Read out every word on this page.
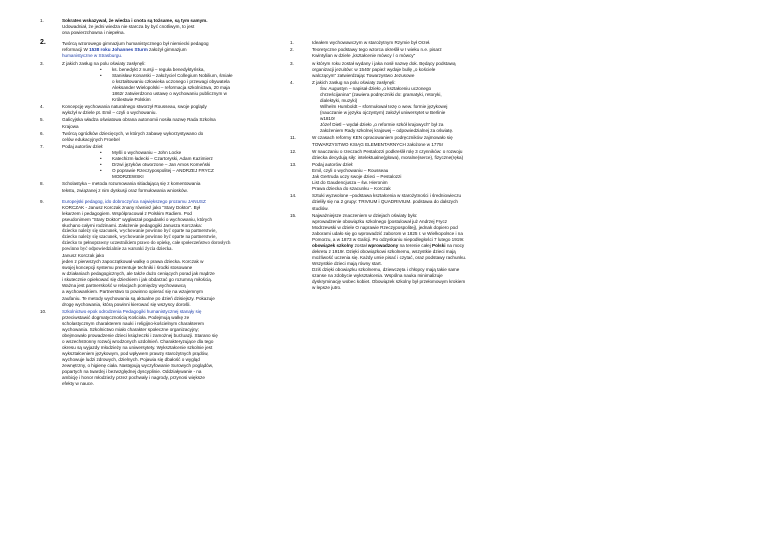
1.	Sokrates wskazywał, że wiedza i cnota są tożsame, są tym samym.

Udowadniał, że jedni wiedza nie starcza by być cnotliwym, to jest

ona powierzchowna i niepełna.

2.	Twórcą wzorowego gimnazjum humanistycznego był niemiecki pedagog

reformacji W 1538 roku Johannes Sturm założył gimnazjum

humanistyczne w Strasburgu.

3.	Z jakich zasług na polu oświaty zasłynęli:

• ks. benedykt z nursji – reguła benedyktyńska,

• Stanisław Konarski – założyciel Collegium Nobilium, śmiałe

o kształtowaniu człowieka uczonego i przewagi obywatela

Aleksander Wielopolski – reformacja szkolnictwa, 20 maja

1862r zatwierdzono ustawę o wychowaniu publicznym w

Królestwie Polskim

4.	Koncepcję wychowania naturalnego stworzył Rousseau, swoje poglądy

wyłożył w dziele pt. Emil – czyli o wychowaniu.

5.	Galicyjska władza oświatowa obrana autonomii nosiła nazwę Rada Szkolna

Krajowa

6.	Twórcą ogródków dziecięcych, w których zabawę wykorzystywano do

celów edukacyjnych Froebel

7.	Podaj autorów dzieł:

• Myśli o wychowaniu – John Locke

• Katechizm ładecki – Czartoryski, Adam Kazimierz

• Drzwi języków otworzone – Jan Amos Komeński

• O poprawie Rzeczypospolitej – ANDRZEJ FRYCZ

MODRZEWSKI

8.	Scholastyka – metoda rozumowania sitiadającą się z komentowania

tekstu, związanej z nim dyskusji oraz formułowania wniosków.

9.	Europejski pedagog, ido dobroczyńca największego prozamu JANUSZ

KORCZAK - Janusz Korczak znany również jako "Stary Doktor". Był

lekarzem i pedagogiem. Współpracował z Polskim Radiem. Pod

pseudonimem "Stary Doktor" wygłaszał pogadanki o wychowaniu, których

słuchano całymi rodzinami. Założenie pedagogiki Janusza Korczaka:

dziecko należy się szacunek, wychowanie powinno być oparte na partnerstwie,

dziecko należy się szacunek, wychowanie powinno być oparte na partnerstwie,

dziecko to pełnoprawny uczestnikiem prawo do opiekę, całe społeczeństwo dorosłych

powinno być odpowiedzialnie za warunki życia dziecka.

Janusz Korczak jako

jeden z pierwszych zapoczątkował walkę o prawa dziecka. Korczak w

swojej koncepcji systemu prezentuje techniki i środki stosowane

w działaniach pedagogicznych, ale także dużo ceniących porad jak mądrze

i skutecznie opiekować się dzieckiem i jak obdarzać go rozumną miłością.

Ważna jest partnerskość w relacjach pomiędzy wychowawcą

a wychowankiem. Partnerstwo to powinno opierać się na wzajemnym

zaufaniu. Te metody wychowania są aktualne po dzień dzisiejszy. Pokazuje

drogę wychowania, którą powinni kierować się wszyscy dorośli.

10.	Szkolnictwo epok odrodzenia Pedagogiki humanistycznej stanąły się

przeciwstawić dogmatycznością Kościoła. Podejmują walkę ze

scholastycznym charakterem nauki i religijno-kościelnym charakterem

wychowania. Szkolnictwo miało charakter społeczne organizacyjny;

obejmowało prowadzenie dzieci książeczki i zamożnej burżuazji. Starano się

o wszechstronny rozwój wrodzonych uzdolnień. Charakteryzujące dla tego

okresu są wyjazdy młodzieży na uniwersytety. Wykształcenie szkolnie jest

wykształceniem językowym, pod wpływem prawzy starożytnych prądów,

wychowuje ludzi zdrowych, dzielnych. Pojawia się dbałość o wygląd

zewnętrzny, o higienę ciała. Następują wyczyfowanie Surowych poglądów,

popartych na twardej i bezwzględnej dyscyplinie. Oddziaływanie - na

ambicję i honor młodzieży przez pochwały i nagrody, przynosi większe

efekty w nauce.

1.	Ideałem wychowawczym w starożytnym Rzymie był Orzeł.

2.	Teoretyczne podstawy tego wzorca określił w I wieku n.e. pisarz

Kwintylian w dziele „kształcenie mówcy / o mówcy"

3.	w którym roku został wydany i jaka nosił nazwę dok. Będący podstawą

organizacji jezuitów: w 1540r papież wydaje bullę „o kościele

walczącym" zatwierdzając Towarzystwo Jezusowe

4.	Z jakich zasług na polu oświaty zasłynęli:

Św. Augustyn – napisał dzieło „o kształceniu uczonego

chrześcijanina" (zawiera podręczniki do: gramatyki, retoryki,

dialektyki, muzyki)

Wilhelm Humboldt – sformułował tezę o wew. formie językowej

(nauczanie w języku ojczystym) założył uniwersytet w Berlinie

w1810r

Józef Dietl – wydał dzieło „o reformie szkół krajowych" był za

założeniem Rady szkolnej krajowej – odpowiedzialnej za oświatę.

11.	W czasach reformy KEN opracowaniem podręczników zajmowało się

TOWARZYSTWO KSIĄG ELEMENTARNYCH założone w 1775r

12.	W nauczaniu o rzeczach Pestalozzi podkreślił rolę 3 czynników: o rozwoju

dziecka decydują siły: intelektualne(głowa), moralne(serce), fizyczne(ręka)

13.	Podaj autorów dzieł:

Emil, czyli o wychowaniu – Rousseau

Jak Gertruda uczy swoje dzieci – Pestalozzi

List do Gaudencjusza – św. Hieronim

Prawa dziecka do szacunku – Korczak

14.	Sztuki wyzwolone –podstawa kształcenia w starożytności i średniowieczu

dzieliły się na 2 grupy: TRIVIUM i QUADRIVIUM. podstawa do dalszych

studiów.

15.	Najważniejsze znaczeniem w dziejach oświaty było:

wprowadzenie obowiązku szkolnego (postulował już Andrzej Frycz

Modrzewski w dziele O naprawie Rzeczypospolitej), jednak dopiero pod

zaborami udało się go wprowadzić zaborom w 1825 r. w Wielkopolsce i na

Pomorzu, a w 1873 w Galicji. Po odzyskaniu niepodległości 7 lutego 1919r.

obowiązek szkolny został wprowadzony na terenie całej Polski na mocy

dekretu z 1919r. Dzięki obowiązkowi szkolnemu, wszystkie dzieci mają

możliwość uczenia się. Każdy umie pisać i czytać, oraz podstawy rachunku.

Wszystkie dzieci mają równy start.

Dziś dzięki obowiązku szkolnemu, dziewczęta i chłopcy mają takie same

szanse na zdobycie wykształcenia. Wspólna nauka minimalizuje

dyskryminację wobec kobiet. Obowiązek szkolny był przełomowym krokiem

w lepsze jutro.
